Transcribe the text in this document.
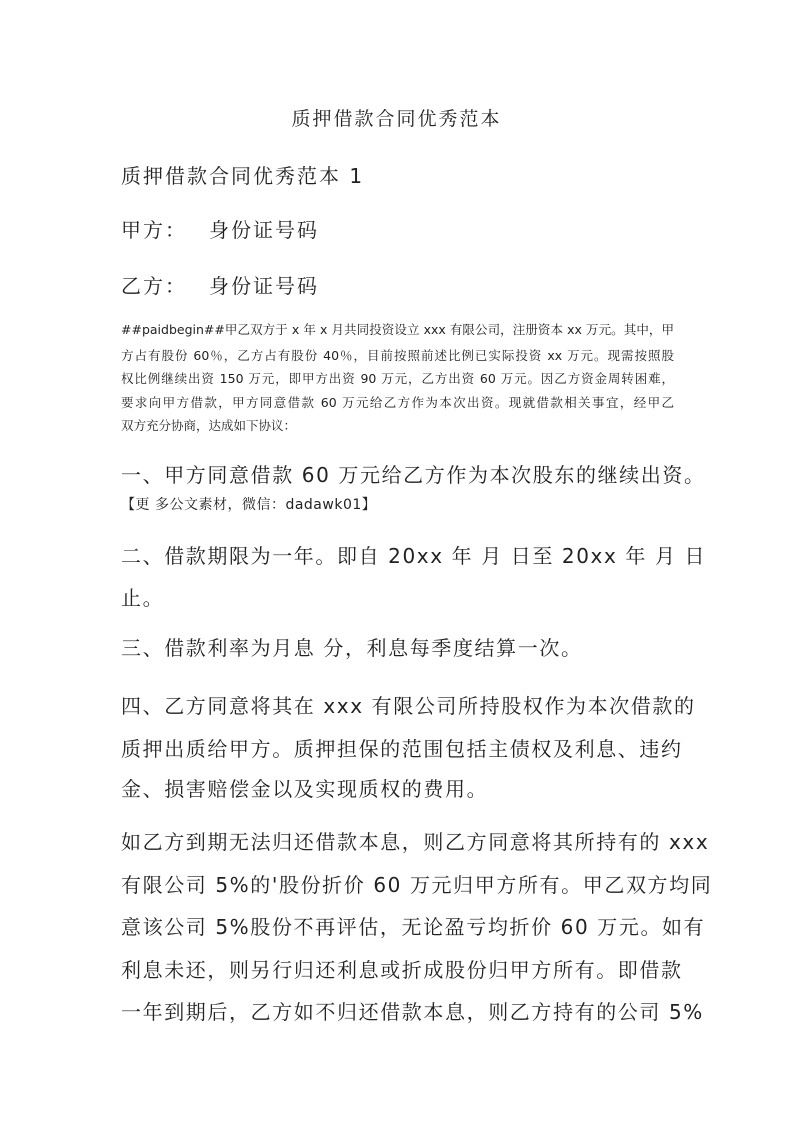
质押借款合同优秀范本

质押借款合同优秀范本 1

甲方： 身份证号码

乙方： 身份证号码

##paidbegin##甲乙双方于 x 年 x 月共同投资设立 xxx 有限公司，注册资本 xx 万元。其中，甲

方占有股份 60％，乙方占有股份 40％，目前按照前述比例已实际投资 xx 万元。现需按照股

权比例继续出资 150 万元，即甲方出资 90 万元，乙方出资 60 万元。因乙方资金周转困难，

要求向甲方借款，甲方同意借款 60 万元给乙方作为本次出资。现就借款相关事宜，经甲乙

双方充分协商，达成如下协议：

一、甲方同意借款 60 万元给乙方作为本次股东的继续出资。

【更 多公文素材，微信：dadawk01】

二、借款期限为一年。即自 20xx 年 月 日至 20xx 年 月 日

止。

三、借款利率为月息 分，利息每季度结算一次。

四、乙方同意将其在 xxx 有限公司所持股权作为本次借款的

质押出质给甲方。质押担保的范围包括主债权及利息、违约

金、损害赔偿金以及实现质权的费用。

如乙方到期无法归还借款本息，则乙方同意将其所持有的 xxx

有限公司 5%的'股份折价 60 万元归甲方所有。甲乙双方均同

意该公司 5%股份不再评估，无论盈亏均折价 60 万元。如有

利息未还，则另行归还利息或折成股份归甲方所有。即借款

一年到期后，乙方如不归还借款本息，则乙方持有的公司 5%
